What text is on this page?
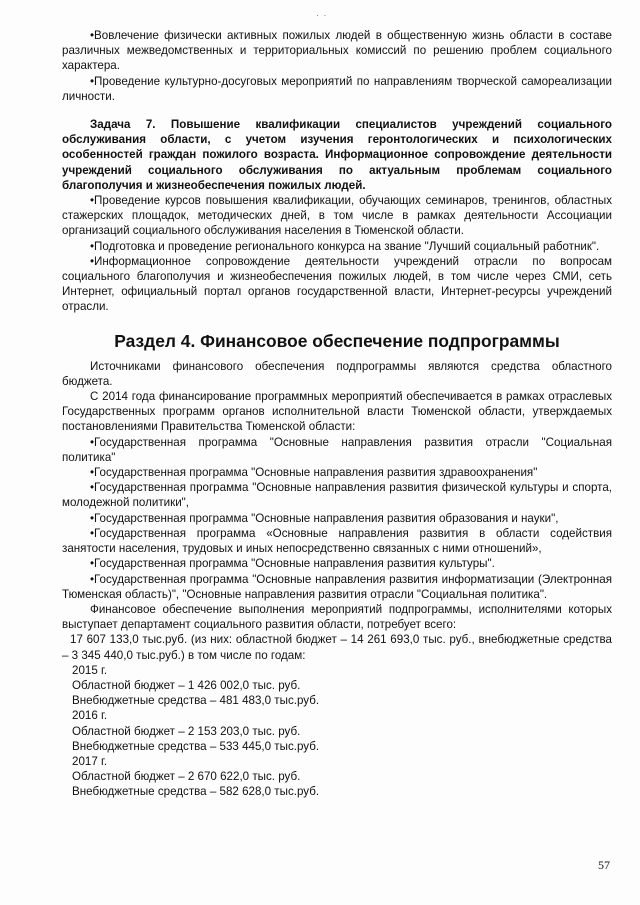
· ·

•Вовлечение физически активных пожилых людей в общественную жизнь области в составе различных межведомственных и территориальных комиссий по решению проблем социального характера.

•Проведение культурно-досуговых мероприятий по направлениям творческой самореализации личности.

Задача 7. Повышение квалификации специалистов учреждений социального обслуживания области, с учетом изучения геронтологических и психологических особенностей граждан пожилого возраста. Информационное сопровождение деятельности учреждений социального обслуживания по актуальным проблемам социального благополучия и жизнеобеспечения пожилых людей.

•Проведение курсов повышения квалификации, обучающих семинаров, тренингов, областных стажерских площадок, методических дней, в том числе в рамках деятельности Ассоциации организаций социального обслуживания населения в Тюменской области.

•Подготовка и проведение регионального конкурса на звание "Лучший социальный работник".

•Информационное сопровождение деятельности учреждений отрасли по вопросам социального благополучия и жизнеобеспечения пожилых людей, в том числе через СМИ, сеть Интернет, официальный портал органов государственной власти, Интернет-ресурсы учреждений отрасли.

Раздел 4. Финансовое обеспечение подпрограммы

Источниками финансового обеспечения подпрограммы являются средства областного бюджета.

С 2014 года финансирование программных мероприятий обеспечивается в рамках отраслевых Государственных программ органов исполнительной власти Тюменской области, утверждаемых постановлениями Правительства Тюменской области:

•Государственная программа "Основные направления развития отрасли "Социальная политика"

•Государственная программа "Основные направления развития здравоохранения"

•Государственная программа "Основные направления развития физической культуры и спорта, молодежной политики",

•Государственная программа "Основные направления развития образования и науки",

•Государственная программа «Основные направления развития в области содействия занятости населения, трудовых и иных непосредственно связанных с ними отношений»,

•Государственная программа "Основные направления развития культуры".

•Государственная программа "Основные направления развития информатизации (Электронная Тюменская область)", "Основные направления развития отрасли "Социальная политика".

Финансовое обеспечение выполнения мероприятий подпрограммы, исполнителями которых выступает департамент социального развития области, потребует всего:

17 607 133,0 тыс.руб. (из них: областной бюджет – 14 261 693,0 тыс. руб., внебюджетные средства – 3 345 440,0 тыс.руб.) в том числе по годам:

2015 г.

Областной бюджет – 1 426 002,0 тыс. руб.

Внебюджетные средства – 481 483,0 тыс.руб.

2016 г.

Областной бюджет – 2 153 203,0 тыс. руб.

Внебюджетные средства – 533 445,0 тыс.руб.

2017 г.

Областной бюджет – 2 670 622,0 тыс. руб.

Внебюджетные средства – 582 628,0 тыс.руб.

57
